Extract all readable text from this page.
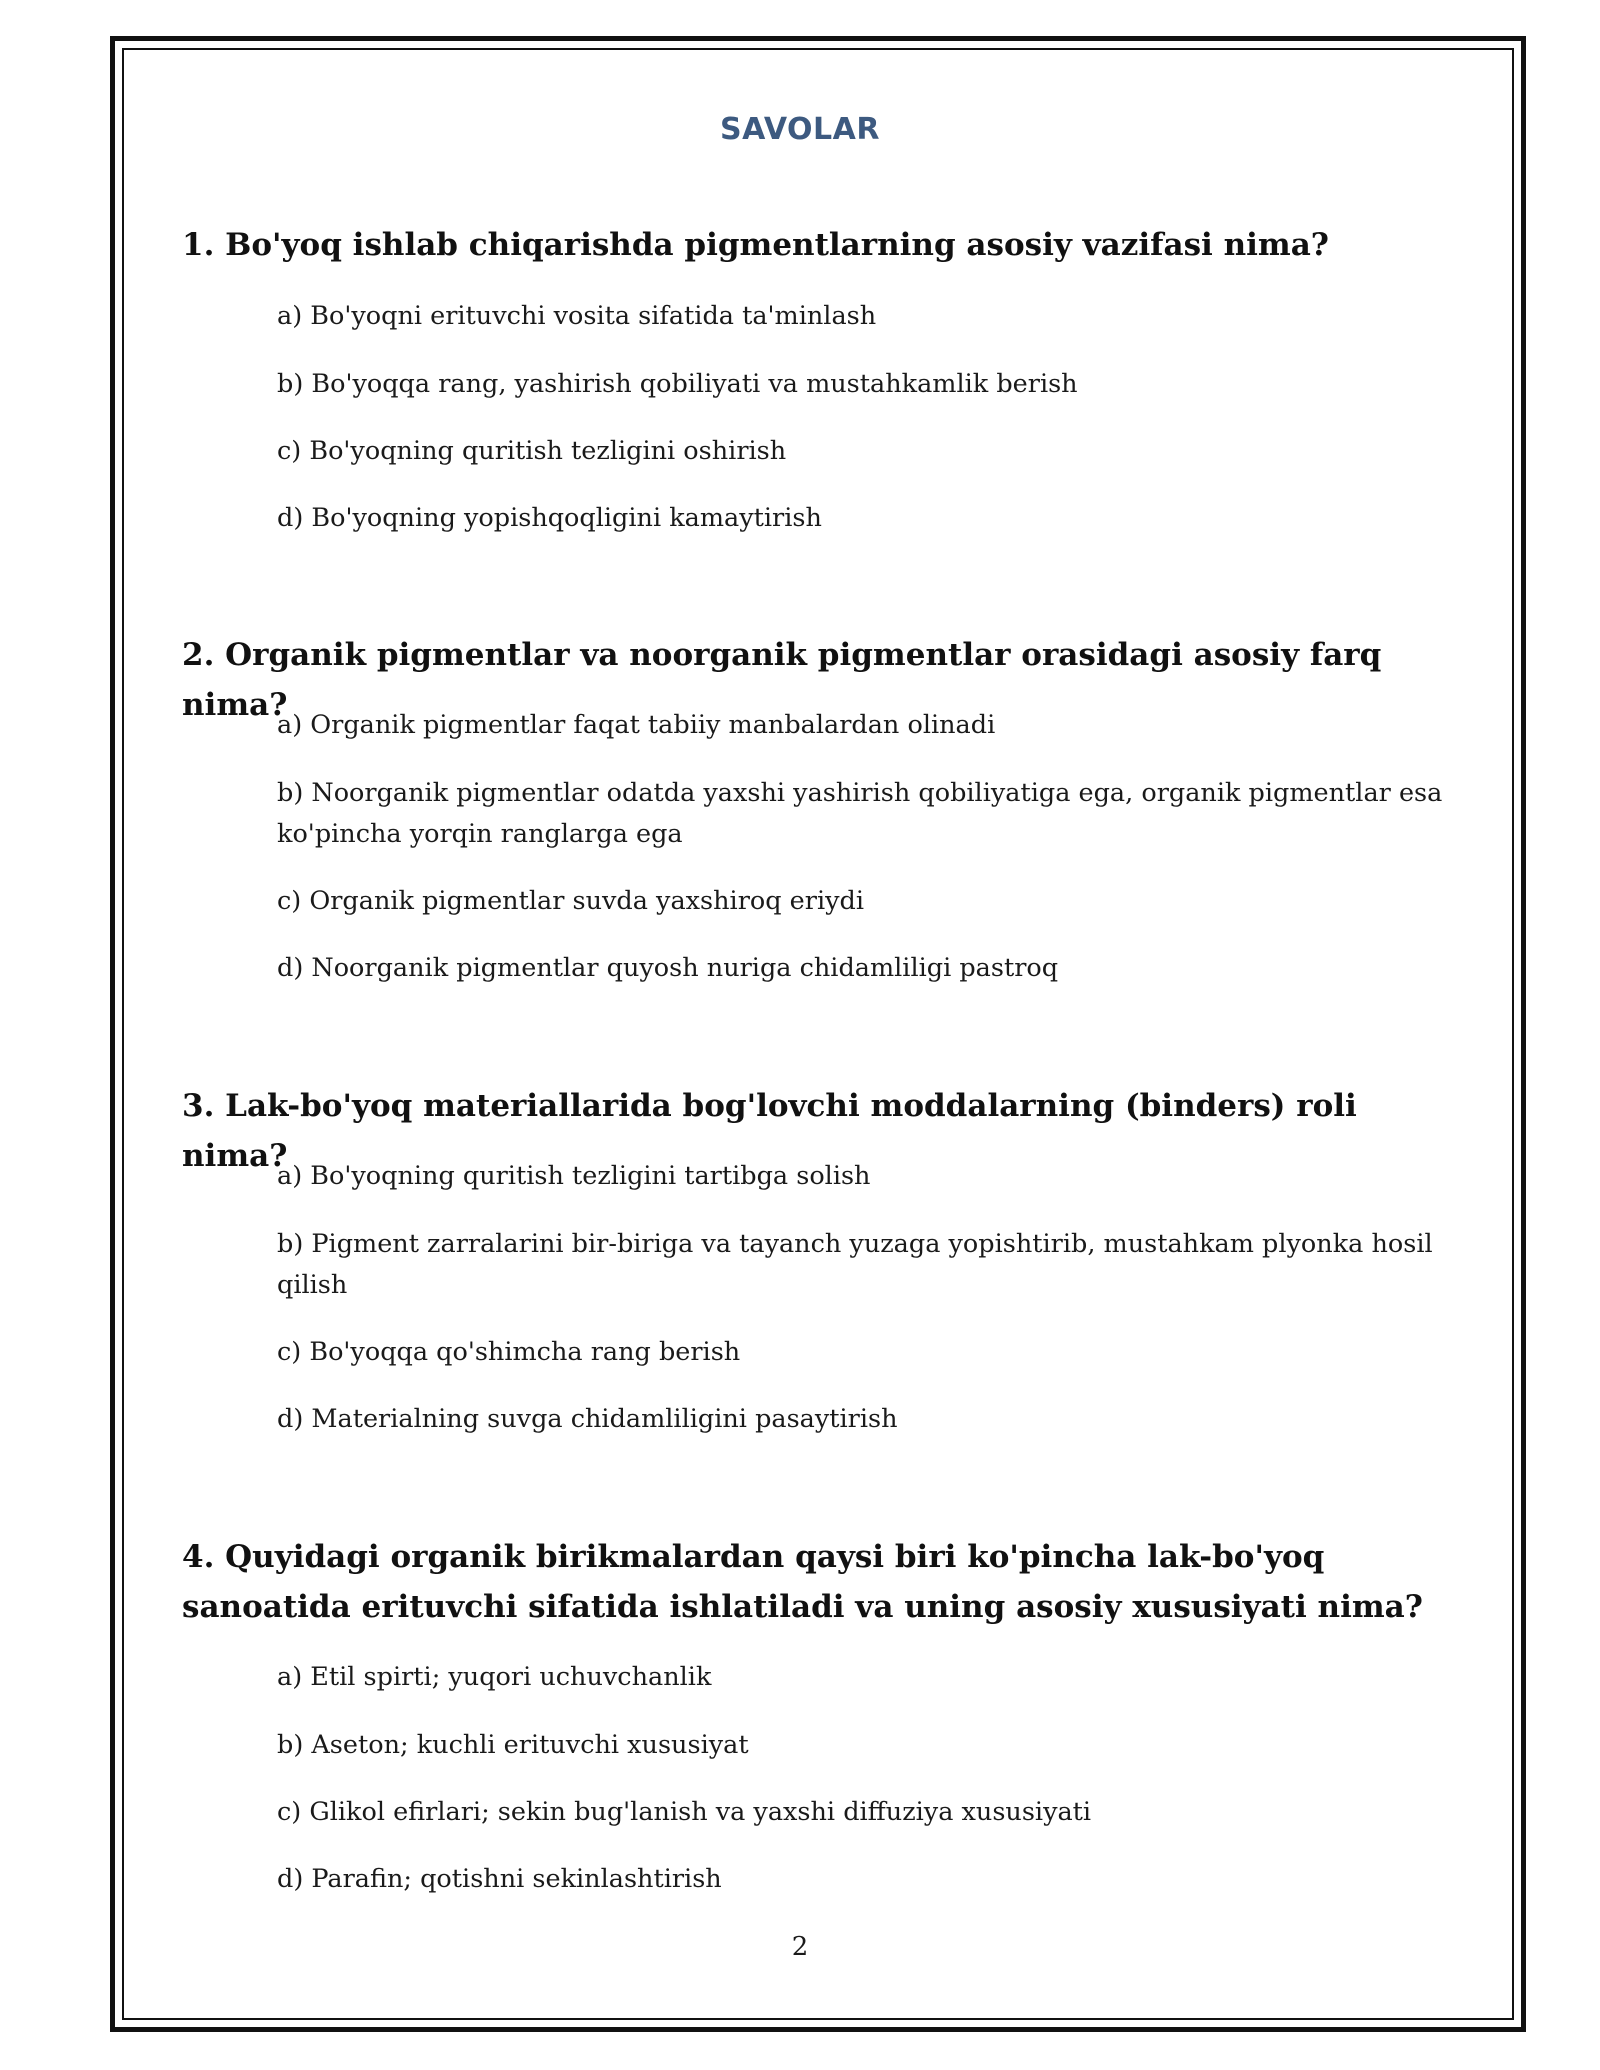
SAVOLAR
1. Bo'yoq ishlab chiqarishda pigmentlarning asosiy vazifasi nima?
a) Bo'yoqni erituvchi vosita sifatida ta'minlash
b) Bo'yoqqa rang, yashirish qobiliyati va mustahkamlik berish
c) Bo'yoqning quritish tezligini oshirish
d) Bo'yoqning yopishqoqligini kamaytirish
2. Organik pigmentlar va noorganik pigmentlar orasidagi asosiy farq nima?
a) Organik pigmentlar faqat tabiiy manbalardan olinadi
b) Noorganik pigmentlar odatda yaxshi yashirish qobiliyatiga ega, organik pigmentlar esa ko'pincha yorqin ranglarga ega
c) Organik pigmentlar suvda yaxshiroq eriydi
d) Noorganik pigmentlar quyosh nuriga chidamliligi pastroq
3. Lak-bo'yoq materiallarida bog'lovchi moddalarning (binders) roli nima?
a) Bo'yoqning quritish tezligini tartibga solish
b) Pigment zarralarini bir-biriga va tayanch yuzaga yopishtirib, mustahkam plyonka hosil qilish
c) Bo'yoqqa qo'shimcha rang berish
d) Materialning suvga chidamliligini pasaytirish
4. Quyidagi organik birikmalardan qaysi biri ko'pincha lak-bo'yoq sanoatida erituvchi sifatida ishlatiladi va uning asosiy xususiyati nima?
a) Etil spirti; yuqori uchuvchanlik
b) Aseton; kuchli erituvchi xususiyat
c) Glikol efirlari; sekin bug'lanish va yaxshi diffuziya xususiyati
d) Parafin; qotishni sekinlashtirish
2
